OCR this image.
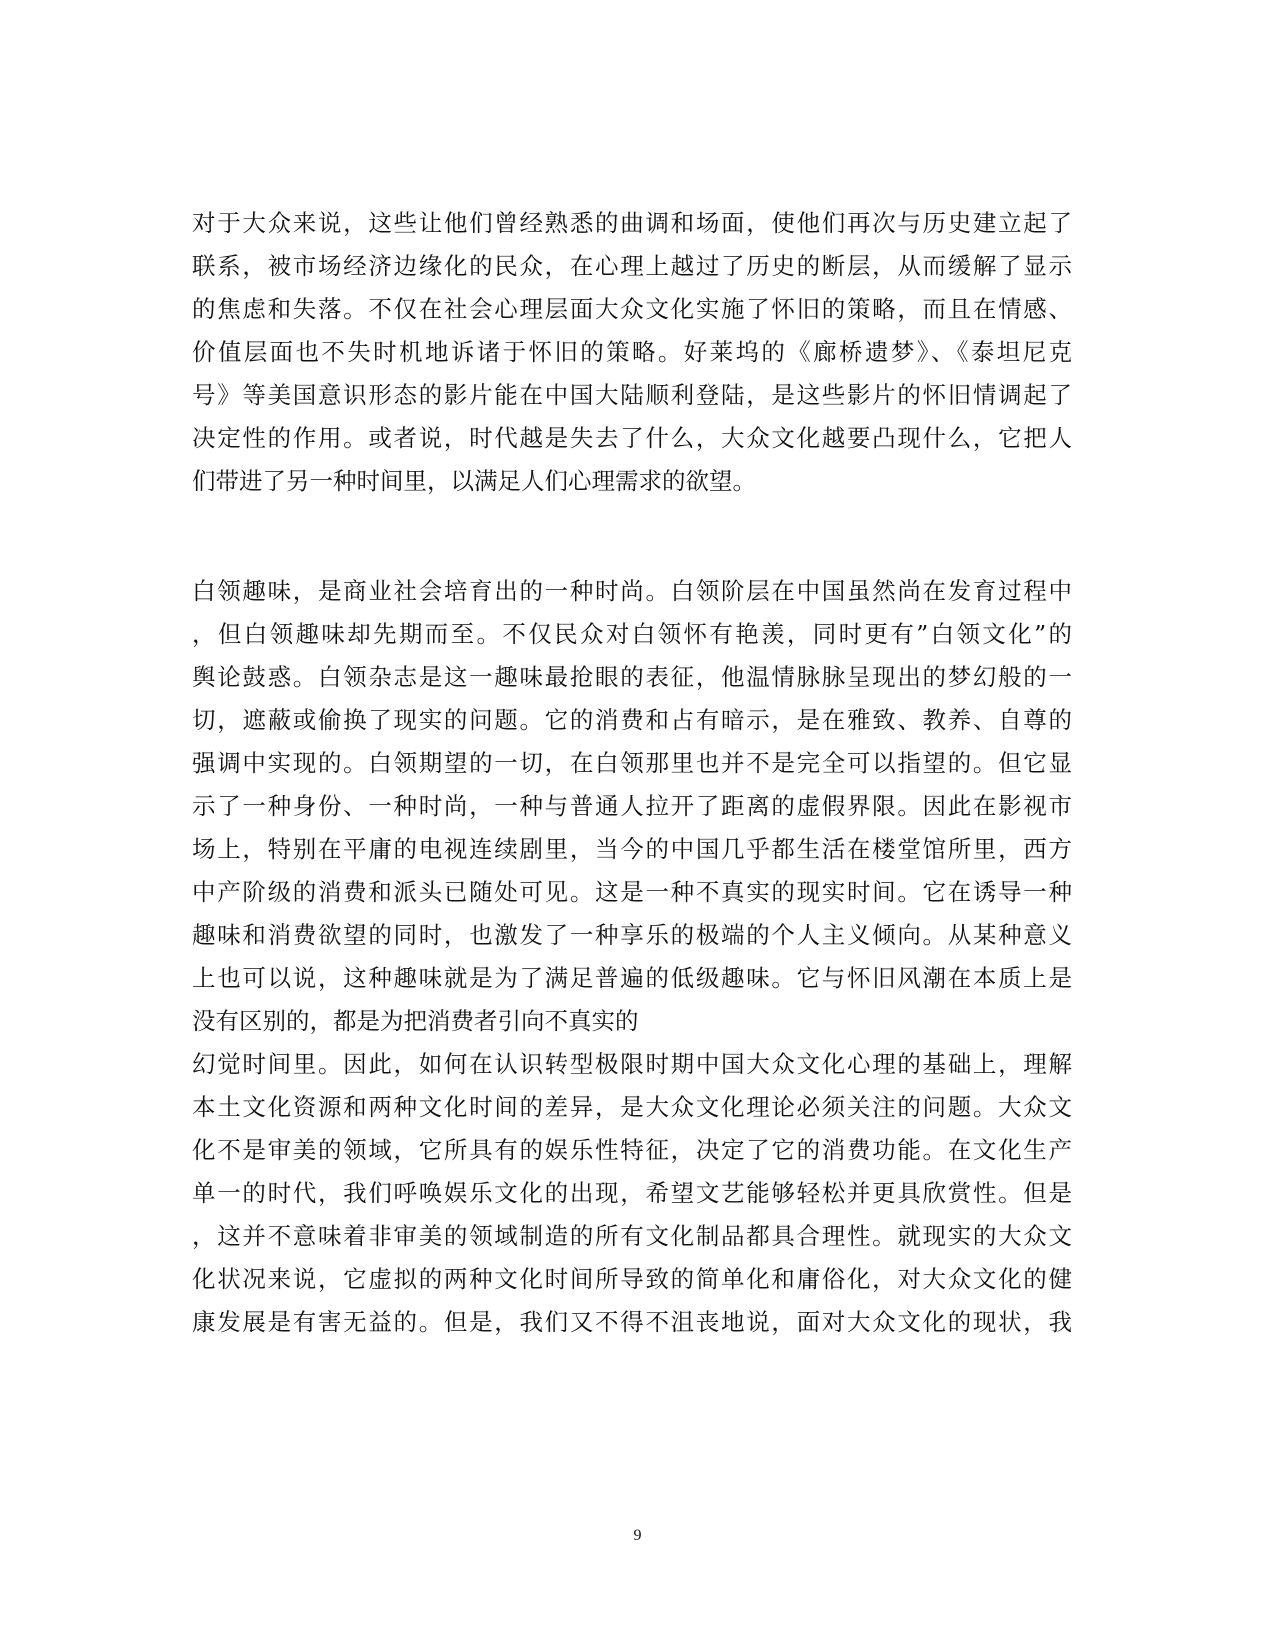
对于大众来说，这些让他们曾经熟悉的曲调和场面，使他们再次与历史建立起了
联系，被市场经济边缘化的民众，在心理上越过了历史的断层，从而缓解了显示
的焦虑和失落。不仅在社会心理层面大众文化实施了怀旧的策略，而且在情感、
价值层面也不失时机地诉诸于怀旧的策略。好莱坞的《廊桥遗梦》、《泰坦尼克
号》等美国意识形态的影片能在中国大陆顺利登陆，是这些影片的怀旧情调起了
决定性的作用。或者说，时代越是失去了什么，大众文化越要凸现什么，它把人
们带进了另一种时间里，以满足人们心理需求的欲望。
白领趣味，是商业社会培育出的一种时尚。白领阶层在中国虽然尚在发育过程中
，但白领趣味却先期而至。不仅民众对白领怀有艳羡，同时更有”白领文化”的
舆论鼓惑。白领杂志是这一趣味最抢眼的表征，他温情脉脉呈现出的梦幻般的一
切，遮蔽或偷换了现实的问题。它的消费和占有暗示，是在雅致、教养、自尊的
强调中实现的。白领期望的一切，在白领那里也并不是完全可以指望的。但它显
示了一种身份、一种时尚，一种与普通人拉开了距离的虚假界限。因此在影视市
场上，特别在平庸的电视连续剧里，当今的中国几乎都生活在楼堂馆所里，西方
中产阶级的消费和派头已随处可见。这是一种不真实的现实时间。它在诱导一种
趣味和消费欲望的同时，也激发了一种享乐的极端的个人主义倾向。从某种意义
上也可以说，这种趣味就是为了满足普遍的低级趣味。它与怀旧风潮在本质上是
没有区别的，都是为把消费者引向不真实的
幻觉时间里。因此，如何在认识转型极限时期中国大众文化心理的基础上，理解
本土文化资源和两种文化时间的差异，是大众文化理论必须关注的问题。大众文
化不是审美的领域，它所具有的娱乐性特征，决定了它的消费功能。在文化生产
单一的时代，我们呼唤娱乐文化的出现，希望文艺能够轻松并更具欣赏性。但是
，这并不意味着非审美的领域制造的所有文化制品都具合理性。就现实的大众文
化状况来说，它虚拟的两种文化时间所导致的简单化和庸俗化，对大众文化的健
康发展是有害无益的。但是，我们又不得不沮丧地说，面对大众文化的现状，我
9
